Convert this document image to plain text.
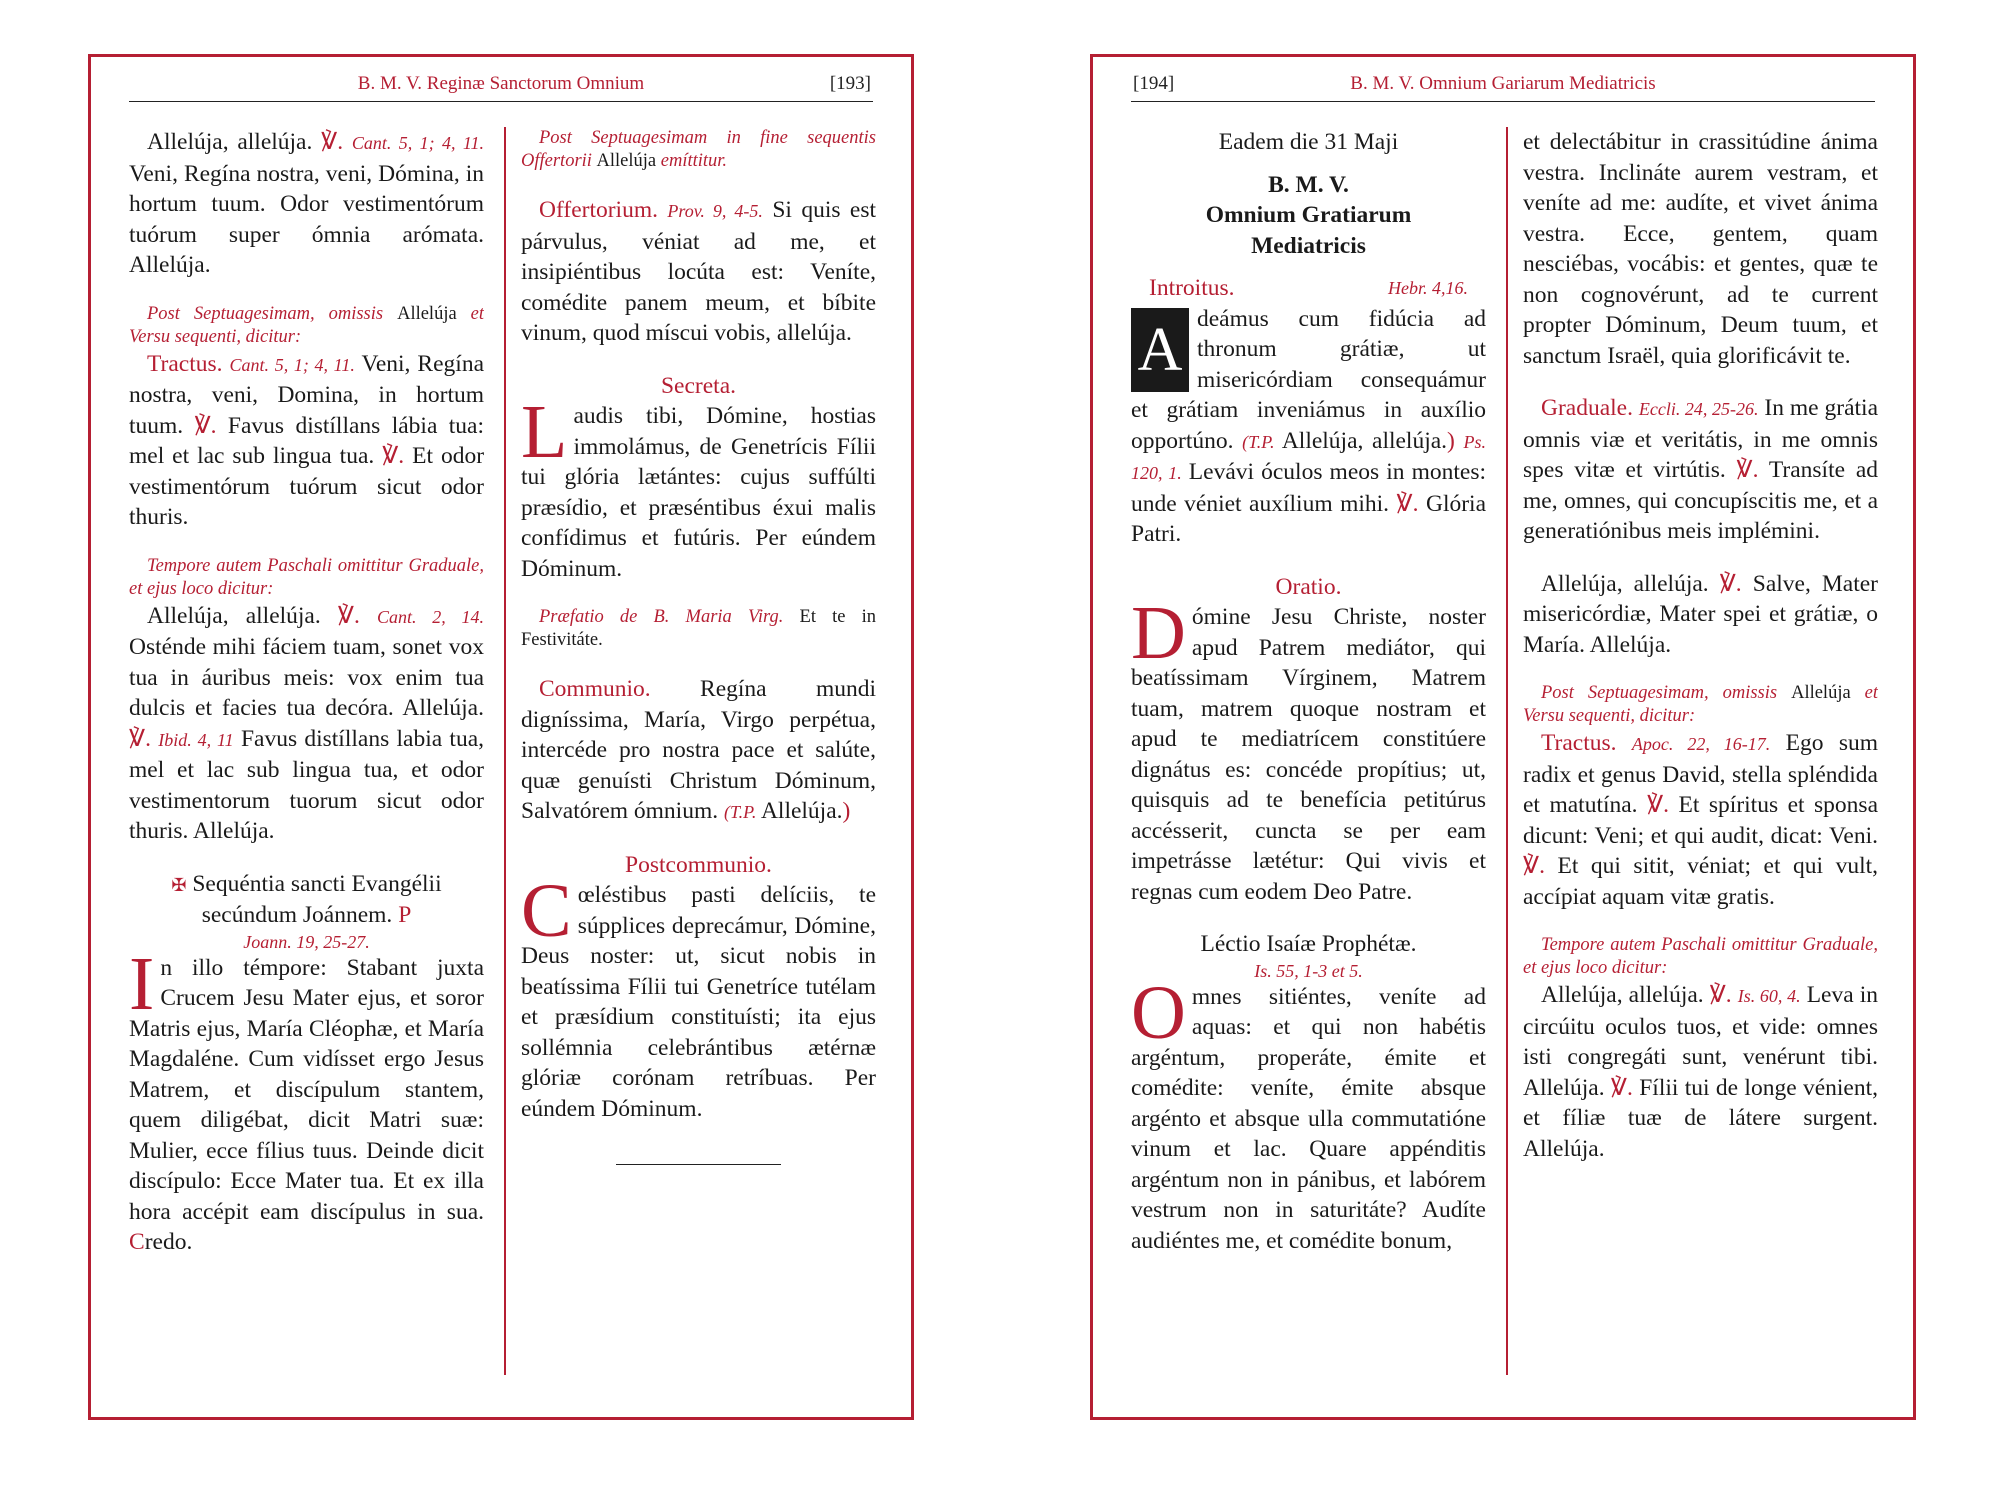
B. M. V. Reginæ Sanctorum Omnium	[193]

Allelúja, allelúja. ℣. Cant. 5, 1; 4, 11. Veni, Regína nostra, veni, Dómina, in hortum tuum. Odor vestimentórum tuórum super ómnia arómata. Allelúja.

Post Septuagesimam, omissis Allelúja et Versu sequenti, dicitur:

Tractus. Cant. 5, 1; 4, 11. Veni, Regína nostra, veni, Domina, in hortum tuum. ℣. Favus distíllans lábia tua: mel et lac sub lingua tua. ℣. Et odor vestimentórum tuórum sicut odor thuris.

Tempore autem Paschali omittitur Graduale, et ejus loco dicitur:

Allelúja, allelúja. ℣. Cant. 2, 14. Osténde mihi fáciem tuam, sonet vox tua in áuribus meis: vox enim tua dulcis et facies tua decóra. Allelúja. ℣. Ibid. 4, 11 Favus distíllans labia tua, mel et lac sub lingua tua, et odor vestimentorum tuorum sicut odor thuris. Allelúja.

✠ Sequéntia sancti Evangélii
secúndum Joánnem. P

Joann. 19, 25-27.

I n illo témpore: Stabant juxta Crucem Jesu Mater ejus, et soror Matris ejus, María Cléophæ, et María Magdaléne. Cum vidísset ergo Jesus Matrem, et discípulum stantem, quem diligébat, dicit Matri suæ: Mulier, ecce fílius tuus. Deinde dicit discípulo: Ecce Mater tua. Et ex illa hora accépit eam discípulus in sua. Credo.

Post Septuagesimam in fine sequentis Offertorii Allelúja emíttitur.

Offertorium. Prov. 9, 4-5. Si quis est párvulus, véniat ad me, et insipiéntibus locúta est: Veníte, comédite panem meum, et bíbite vinum, quod míscui vobis, allelúja.

Secreta.

L audis tibi, Dómine, hostias immolámus, de Genetrícis Fílii tui glória lætántes: cujus suffúlti præsídio, et præséntibus éxui malis confídimus et futúris. Per eúndem Dóminum.

Præfatio de B. Maria Virg. Et te in Festivitáte.

Communio. Regína mundi digníssima, María, Virgo perpétua, intercéde pro nostra pace et salúte, quæ genuísti Christum Dóminum, Salvatórem ómnium. (T.P. Allelúja.)

Postcommunio.

C œléstibus pasti delíciis, te súpplices deprecámur, Dómine, Deus noster: ut, sicut nobis in beatíssima Fílii tui Genetríce tutélam et præsídium constituísti; ita ejus sollémnia celebrántibus ætérnæ glóriæ corónam retríbuas. Per eúndem Dóminum.

B. M. V. Omnium Gariarum Mediatricis
[194]

Eadem die 31 Maji

B. M. V.
Omnium Gratiarum
Mediatricis

Introitus.	Hebr. 4,16.

A deámus cum fidúcia ad thronum grátiæ, ut misericórdiam consequámur et grátiam inveniámus in auxílio opportúno. (T.P. Allelúja, allelúja.) Ps. 120, 1. Levávi óculos meos in montes: unde véniet auxílium mihi. ℣. Glória Patri.

Oratio.

D ómine Jesu Christe, noster apud Patrem mediátor, qui beatíssimam Vírginem, Matrem tuam, matrem quoque nostram et apud te mediatrícem constitúere dignátus es: concéde propítius; ut, quisquis ad te benefícia petitúrus accésserit, cuncta se per eam impetrásse lætétur: Qui vivis et regnas cum eodem Deo Patre.

Léctio Isaíæ Prophétæ.

Is. 55, 1-3 et 5.

O mnes sitiéntes, veníte ad aquas: et qui non habétis argéntum, properáte, émite et comédite: veníte, émite absque argénto et absque ulla commutatióne vinum et lac. Quare appénditis argéntum non in pánibus, et labórem vestrum non in saturitáte? Audíte audiéntes me, et comédite bonum,

et delectábitur in crassitúdine ánima vestra. Inclináte aurem vestram, et veníte ad me: audíte, et vivet ánima vestra. Ecce, gentem, quam nesciébas, vocábis: et gentes, quæ te non cognovérunt, ad te current propter Dóminum, Deum tuum, et sanctum Israël, quia glorificávit te.

Graduale. Eccli. 24, 25-26. In me grátia omnis viæ et veritátis, in me omnis spes vitæ et virtútis. ℣. Transíte ad me, omnes, qui concupíscitis me, et a generatiónibus meis implémini.

Allelúja, allelúja. ℣. Salve, Mater misericórdiæ, Mater spei et grátiæ, o María. Allelúja.

Post Septuagesimam, omissis Allelúja et Versu sequenti, dicitur:

Tractus. Apoc. 22, 16-17. Ego sum radix et genus David, stella spléndida et matutína. ℣. Et spíritus et sponsa dicunt: Veni; et qui audit, dicat: Veni. ℣. Et qui sitit, véniat; et qui vult, accípiat aquam vitæ gratis.

Tempore autem Paschali omittitur Graduale, et ejus loco dicitur:

Allelúja, allelúja. ℣. Is. 60, 4. Leva in circúitu oculos tuos, et vide: omnes isti congregáti sunt, venérunt tibi. Allelúja. ℣. Fílii tui de longe vénient, et fíliæ tuæ de látere surgent. Allelúja.
